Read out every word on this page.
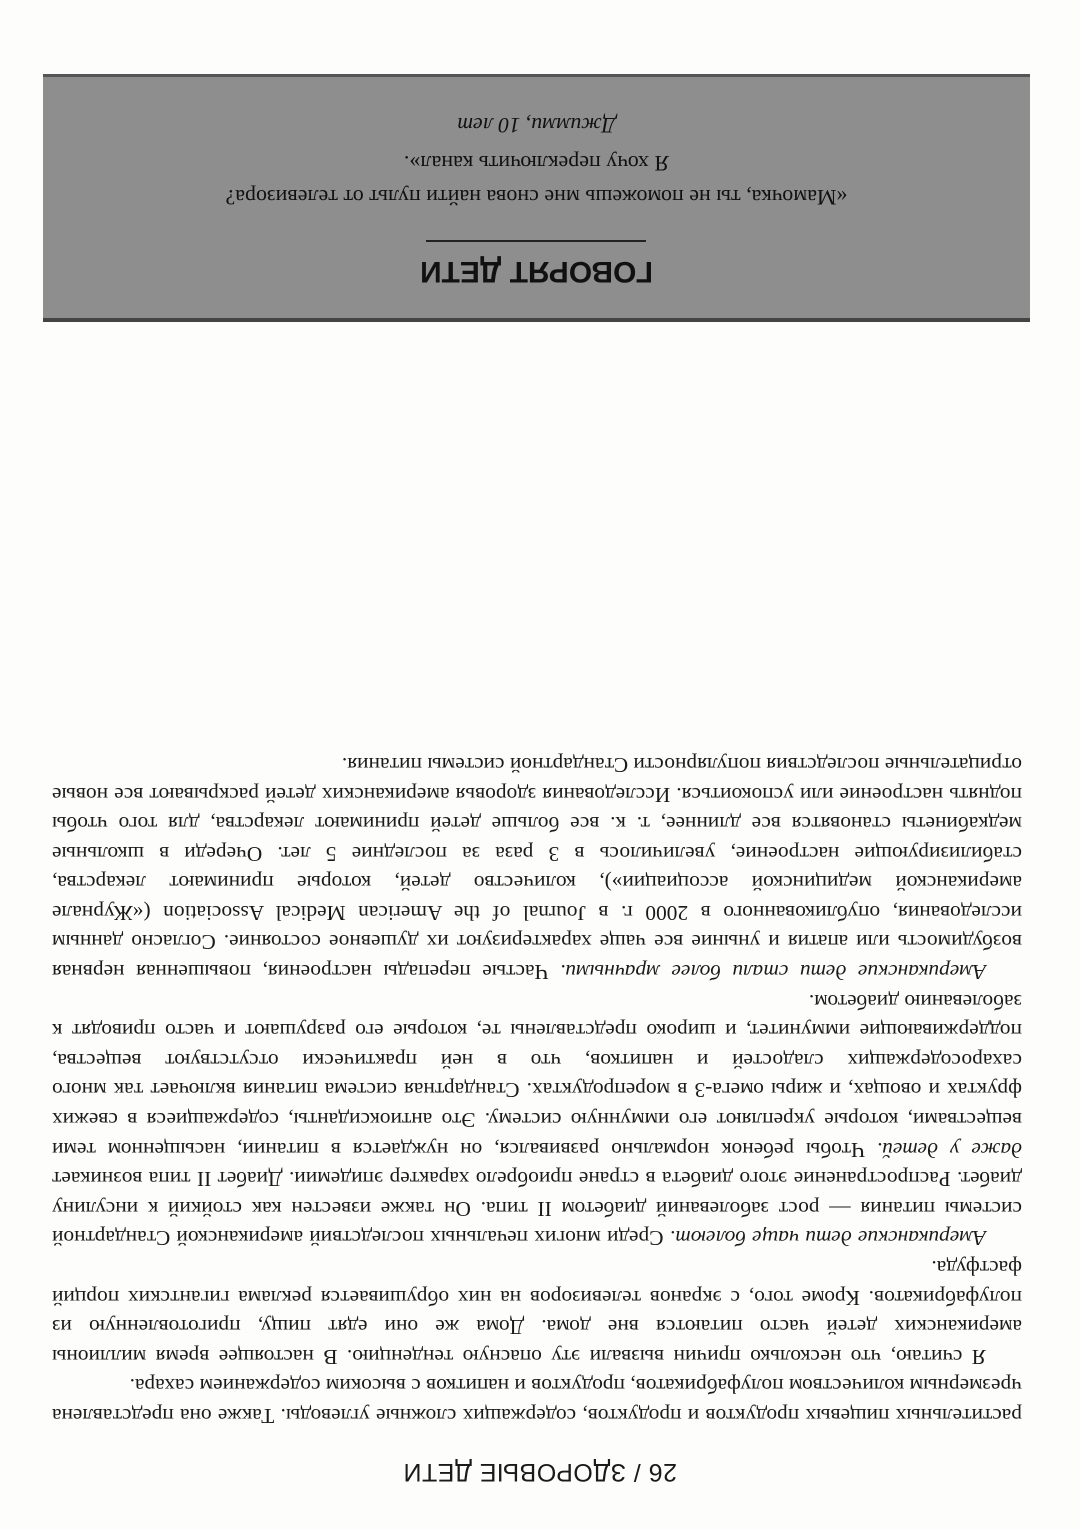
26 / ЗДОРОВЫЕ ДЕТИ

растительных пищевых продуктов и продуктов, содержащих сложные углеводы. Также она представлена чрезмерным количеством полуфабрикатов, продуктов и напитков с высоким содержанием сахара.

Я считаю, что несколько причин вызвали эту опасную тенденцию. В настоящее время миллионы американских детей часто питаются вне дома. Дома же они едят пищу, приготовленную из полуфабрикатов. Кроме того, с экранов телевизоров на них обрушивается реклама гигантских порций фастфуда.

Американские дети чаще болеют. Среди многих печальных последствий американской Стандартной системы питания — рост заболеваний диабетом II типа. Он также известен как стойкий к инсулину диабет. Распространение этого диабета в стране приобрело характер эпидемии. Диабет II типа возникает даже у детей. Чтобы ребенок нормально развивался, он нуждается в питании, насыщенном теми веществами, которые укрепляют его иммунную систему. Это антиоксиданты, содержащиеся в свежих фруктах и овощах, и жиры омега-3 в морепродуктах. Стандартная система питания включает так много сахаросодержащих сладостей и напитков, что в ней практически отсутствуют вещества, поддерживающие иммунитет, и широко представлены те, которые его разрушают и часто приводят к заболеванию диабетом.

Американские дети стали более мрачными. Частые перепады настроения, повышенная нервная возбудимость или апатия и уныние все чаще характеризуют их душевное состояние. Согласно данным исследования, опубликованного в 2000 г. в Journal of the American Medical Association («Журнале американской медицинской ассоциации»), количество детей, которые принимают лекарства, стабилизирующие настроение, увеличилось в 3 раза за последние 5 лет. Очереди в школьные медкабинеты становятся все длиннее, т. к. все больше детей принимают лекарства, для того чтобы поднять настроение или успокоиться. Исследования здоровья американских детей раскрывают все новые отрицательные последствия популярности Стандартной системы питания.

ГОВОРЯТ ДЕТИ
«Мамочка, ты не поможешь мне снова найти пульт от телевизора?
Я хочу переключить канал».
Джимми, 10 лет
